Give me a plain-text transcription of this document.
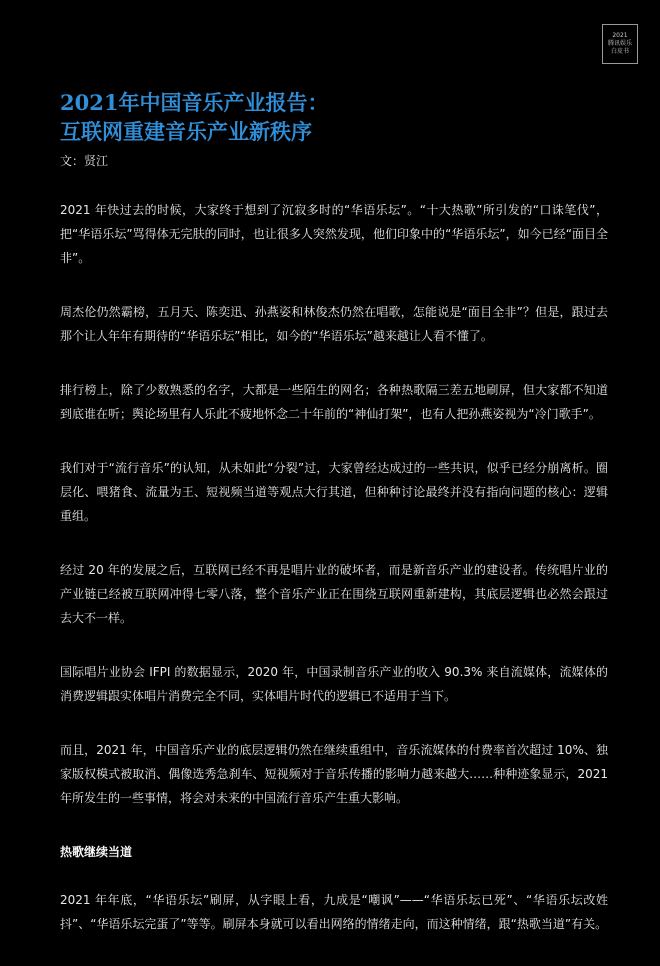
2021
腾讯娱乐
白皮书
2021年中国音乐产业报告：
互联网重建音乐产业新秩序
文：贤江

2021 年快过去的时候，大家终于想到了沉寂多时的“华语乐坛”。“十大热歌”所引发的“口诛笔伐”，把“华语乐坛”骂得体无完肤的同时，也让很多人突然发现，他们印象中的“华语乐坛”，如今已经“面目全非”。

周杰伦仍然霸榜，五月天、陈奕迅、孙燕姿和林俊杰仍然在唱歌，怎能说是“面目全非”？但是，跟过去那个让人年年有期待的“华语乐坛”相比，如今的“华语乐坛”越来越让人看不懂了。

排行榜上，除了少数熟悉的名字，大都是一些陌生的网名；各种热歌隔三差五地刷屏，但大家都不知道到底谁在听；舆论场里有人乐此不疲地怀念二十年前的“神仙打架”，也有人把孙燕姿视为“冷门歌手”。

我们对于“流行音乐”的认知，从未如此“分裂”过，大家曾经达成过的一些共识，似乎已经分崩离析。圈层化、喂猪食、流量为王、短视频当道等观点大行其道，但种种讨论最终并没有指向问题的核心：逻辑重组。

经过 20 年的发展之后，互联网已经不再是唱片业的破坏者，而是新音乐产业的建设者。传统唱片业的产业链已经被互联网冲得七零八落，整个音乐产业正在围绕互联网重新建构，其底层逻辑也必然会跟过去大不一样。

国际唱片业协会 IFPI 的数据显示，2020 年，中国录制音乐产业的收入 90.3% 来自流媒体，流媒体的消费逻辑跟实体唱片消费完全不同，实体唱片时代的逻辑已不适用于当下。

而且，2021 年，中国音乐产业的底层逻辑仍然在继续重组中，音乐流媒体的付费率首次超过 10%、独家版权模式被取消、偶像选秀急刹车、短视频对于音乐传播的影响力越来越大……种种迹象显示，2021 年所发生的一些事情，将会对未来的中国流行音乐产生重大影响。

热歌继续当道

2021 年年底，“华语乐坛”刷屏，从字眼上看，九成是“嘲讽”——“华语乐坛已死”、“华语乐坛改姓抖”、“华语乐坛完蛋了”等等。刷屏本身就可以看出网络的情绪走向，而这种情绪，跟“热歌当道”有关。
